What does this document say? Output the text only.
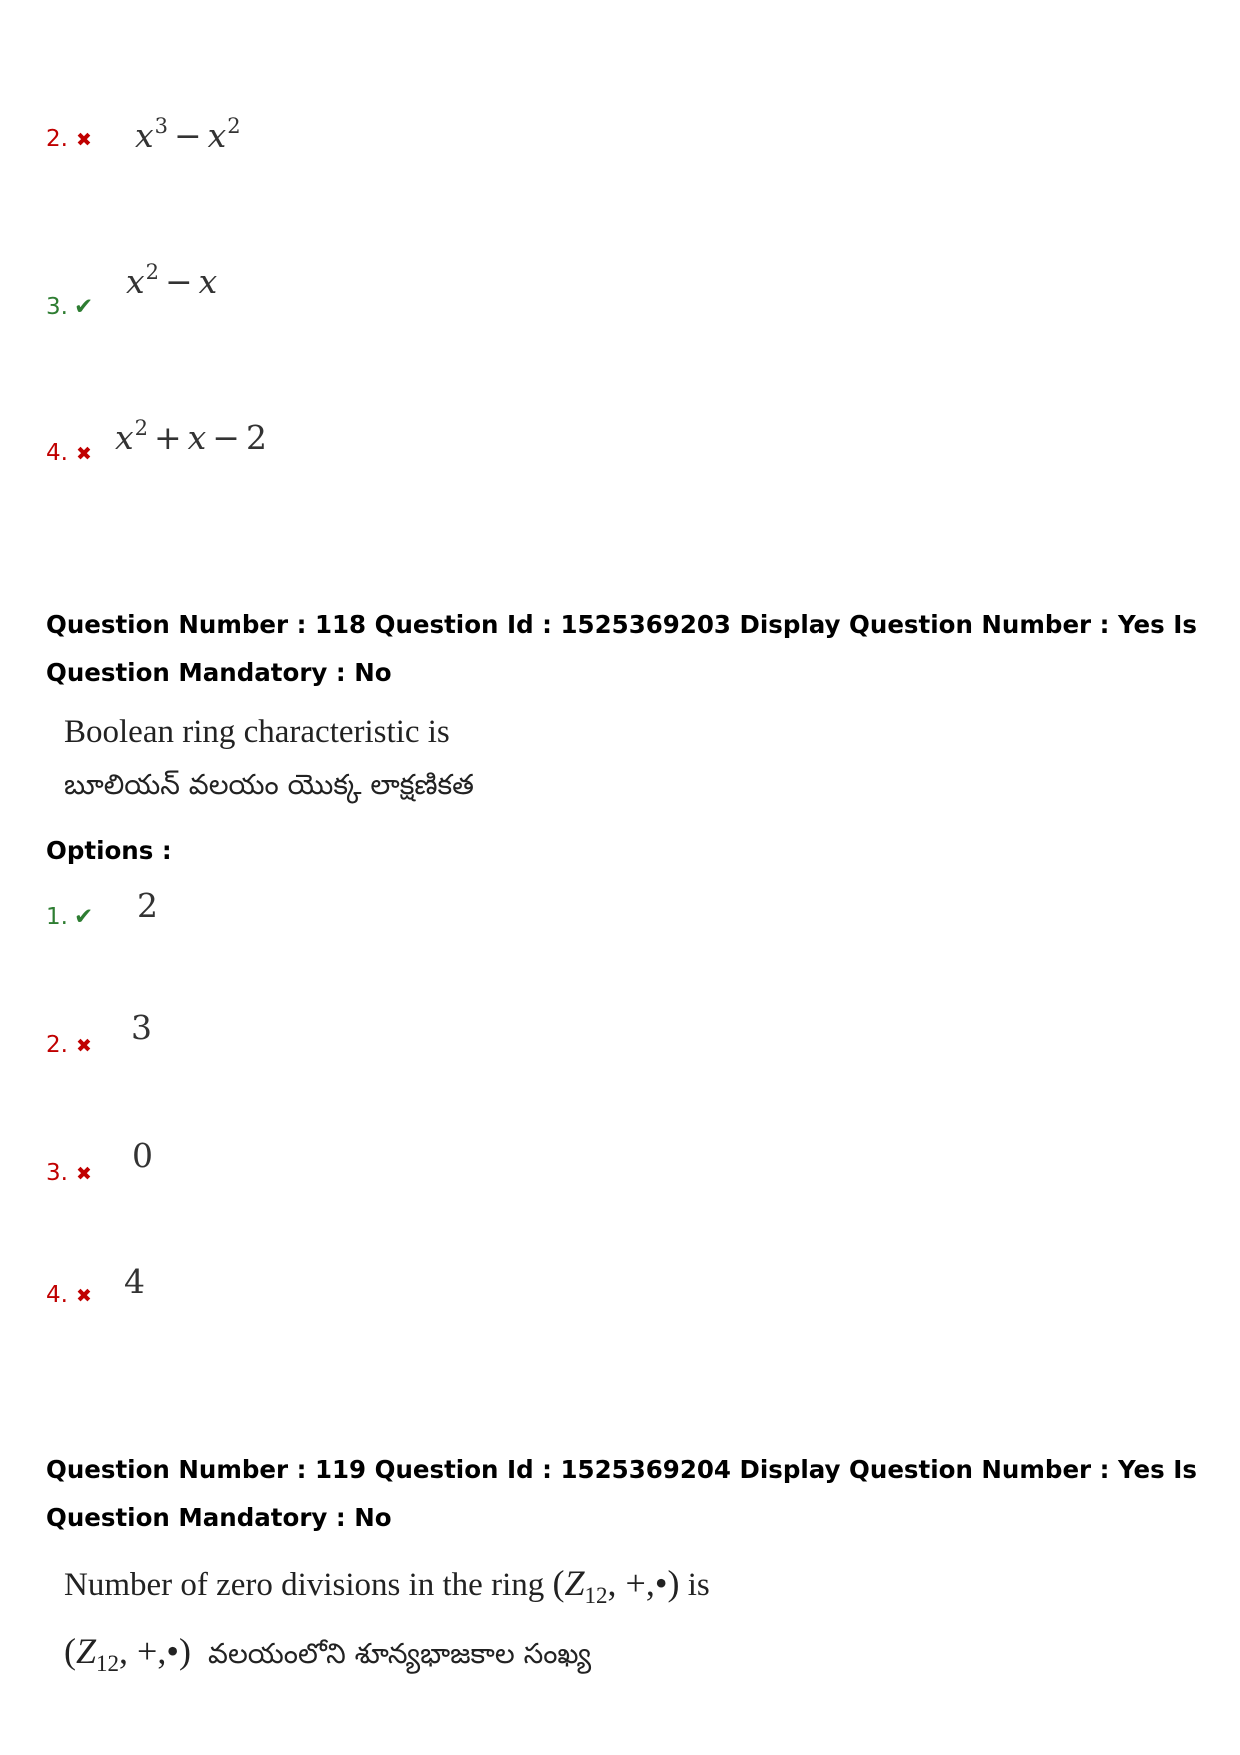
2. ✖ $x^3 - x^2$
3. ✔
$x^2 - x$
4. ✖ $x^2 + x - 2$
Question Number : 118 Question Id : 1525369203 Display Question Number : Yes Is Question Mandatory : No
Boolean ring characteristic is
బూలియన్ వలయం యొక్క లాక్షణికత
Options :
1. ✔ 2
2. ✖ 3
3. ✖ 0
4. ✖ 4
Question Number : 119 Question Id : 1525369204 Display Question Number : Yes Is Question Mandatory : No
Number of zero divisions in the ring ($Z_{12}$, +,•) is
($Z_{12}$, +,•) వలయంలోని శూన్యభాజకాల సంఖ్య
